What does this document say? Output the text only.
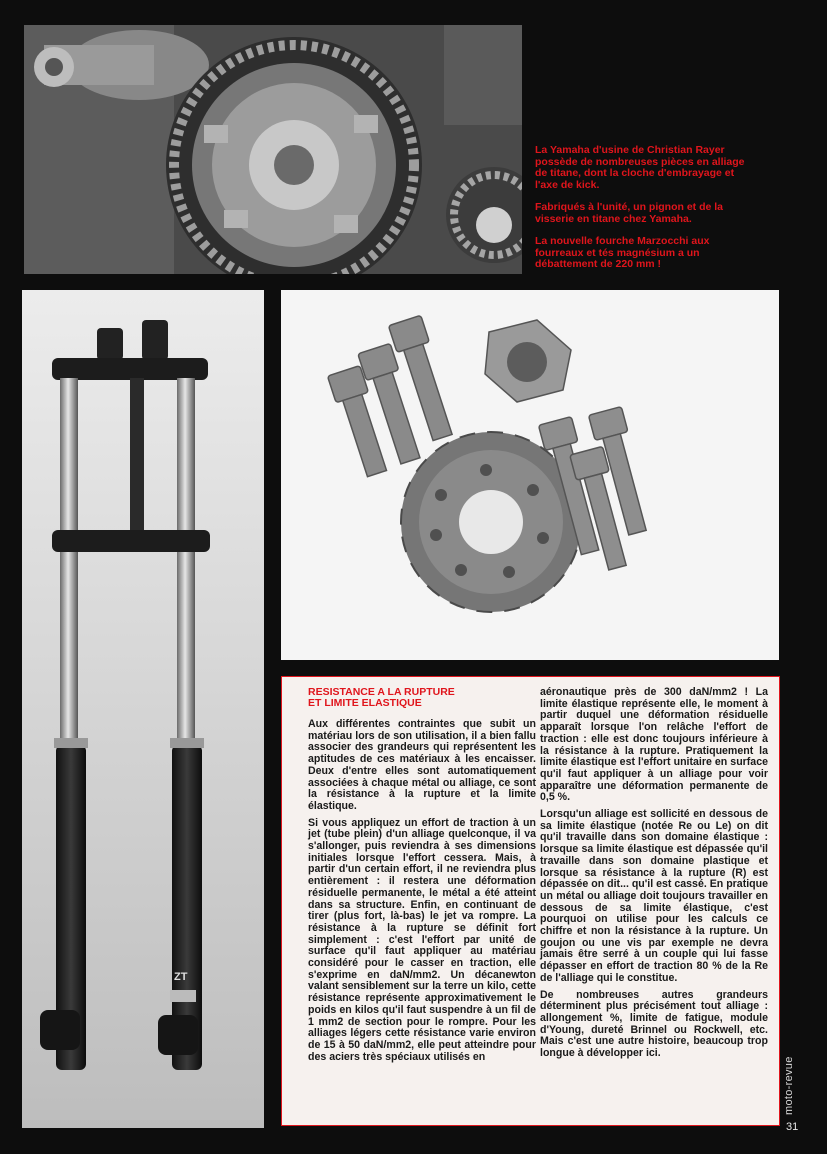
La Yamaha d'usine de Christian Rayer possède de nombreuses pièces en alliage de titane, dont la cloche d'embrayage et l'axe de kick.

Fabriqués à l'unité, un pignon et de la visserie en titane chez Yamaha.

La nouvelle fourche Marzocchi aux fourreaux et tés magnésium a un débattement de 220 mm !

ZT
RESISTANCE A LA RUPTURE
ET LIMITE ELASTIQUE

Aux différentes contraintes que subit un matériau lors de son utilisation, il a bien fallu associer des grandeurs qui représentent les aptitudes de ces matériaux à les encaisser. Deux d'entre elles sont automatiquement associées à chaque métal ou alliage, ce sont la résistance à la rupture et la limite élastique.

Si vous appliquez un effort de traction à un jet (tube plein) d'un alliage quelconque, il va s'allonger, puis reviendra à ses dimensions initiales lorsque l'effort cessera. Mais, à partir d'un certain effort, il ne reviendra plus entièrement : il restera une déformation résiduelle permanente, le métal a été atteint dans sa structure. Enfin, en continuant de tirer (plus fort, là-bas) le jet va rompre. La résistance à la rupture se définit fort simplement : c'est l'effort par unité de surface qu'il faut appliquer au matériau considéré pour le casser en traction, elle s'exprime en daN/mm2. Un décanewton valant sensiblement sur la terre un kilo, cette résistance représente approximativement le poids en kilos qu'il faut suspendre à un fil de 1 mm2 de section pour le rompre. Pour les alliages légers cette résistance varie environ de 15 à 50 daN/mm2, elle peut atteindre pour des aciers très spéciaux utilisés en

aéronautique près de 300 daN/mm2 ! La limite élastique représente elle, le moment à partir duquel une déformation résiduelle apparaît lorsque l'on relâche l'effort de traction : elle est donc toujours inférieure à la résistance à la rupture. Pratiquement la limite élastique est l'effort unitaire en surface qu'il faut appliquer à un alliage pour voir apparaître une déformation permanente de 0,5 %.

Lorsqu'un alliage est sollicité en dessous de sa limite élastique (notée Re ou Le) on dit qu'il travaille dans son domaine élastique : lorsque sa limite élastique est dépassée qu'il travaille dans son domaine plastique et lorsque sa résistance à la rupture (R) est dépassée on dit... qu'il est cassé. En pratique un métal ou alliage doit toujours travailler en dessous de sa limite élastique, c'est pourquoi on utilise pour les calculs ce chiffre et non la résistance à la rupture. Un goujon ou une vis par exemple ne devra jamais être serré à un couple qui lui fasse dépasser en effort de traction 80 % de la Re de l'alliage qui le constitue.

De nombreuses autres grandeurs déterminent plus précisément tout alliage : allongement %, limite de fatigue, module d'Young, dureté Brinnel ou Rockwell, etc. Mais c'est une autre histoire, beaucoup trop longue à développer ici.

moto-revue
31
